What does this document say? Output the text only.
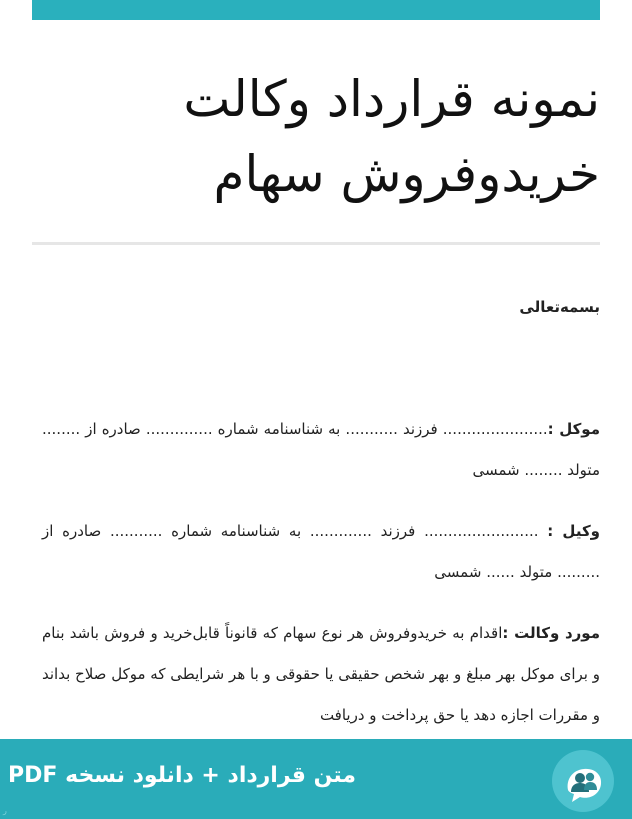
نمونه قرارداد وکالت
خریدوفروش سهام
بسمه‌تعالی
موکل :...................... فرزند ........... به شناسنامه شماره .............. صادره از ........ متولد ........ شمسی
وکیل : ........................ فرزند ............. به شناسنامه شماره ........... صادره از ......... متولد ...... شمسی
مورد وکالت :اقدام به خریدوفروش هر نوع سهام که قانوناً قابل‌خرید و فروش باشد بنام و برای موکل بهر مبلغ و بهر شخص حقیقی یا حقوقی و با هر شرایطی که موکل صلاح بداند و مقررات اجازه دهد یا حق پرداخت و دریافت
متن قرارداد + دانلود نسخه PDF
ر
